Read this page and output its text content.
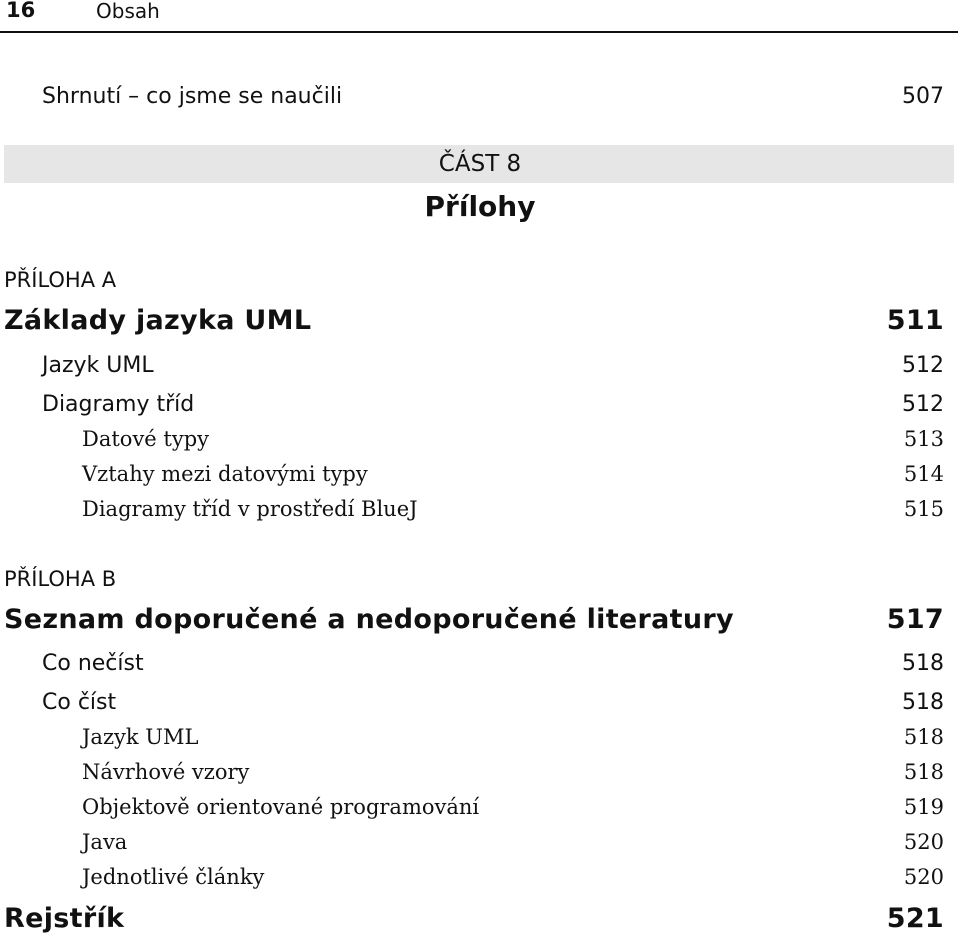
16	Obsah
Shrnutí – co jsme se naučili	507
ČÁST 8
Přílohy
PŘÍLOHA A
Základy jazyka UML	511
Jazyk UML	512
Diagramy tříd	512
Datové typy	513
Vztahy mezi datovými typy	514
Diagramy tříd v prostředí BlueJ	515
PŘÍLOHA B
Seznam doporučené a nedoporučené literatury	517
Co nečíst	518
Co číst	518
Jazyk UML	518
Návrhové vzory	518
Objektově orientované programování	519
Java	520
Jednotlivé články	520
Rejstřík	521
